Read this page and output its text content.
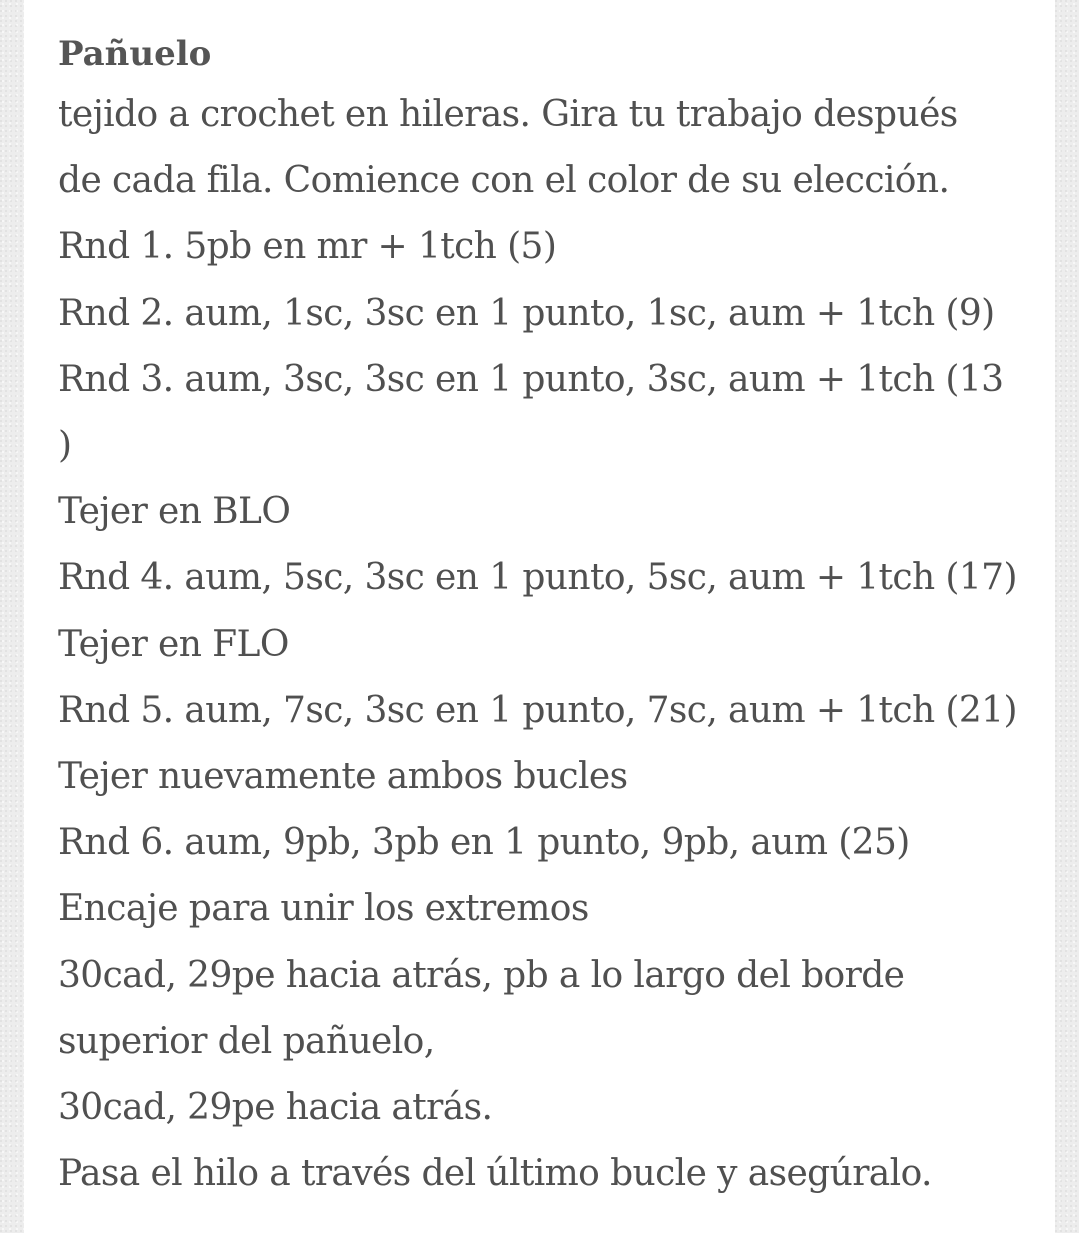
Pañuelo
tejido a crochet en hileras. Gira tu trabajo después
de cada fila. Comience con el color de su elección.
Rnd 1. 5pb en mr + 1tch (5)
Rnd 2. aum, 1sc, 3sc en 1 punto, 1sc, aum + 1tch (9)
Rnd 3. aum, 3sc, 3sc en 1 punto, 3sc, aum + 1tch (13
)
Tejer en BLO
Rnd 4. aum, 5sc, 3sc en 1 punto, 5sc, aum + 1tch (17)
Tejer en FLO
Rnd 5. aum, 7sc, 3sc en 1 punto, 7sc, aum + 1tch (21)
Tejer nuevamente ambos bucles
Rnd 6. aum, 9pb, 3pb en 1 punto, 9pb, aum (25)
Encaje para unir los extremos
30cad, 29pe hacia atrás, pb a lo largo del borde
superior del pañuelo,
30cad, 29pe hacia atrás.
Pasa el hilo a través del último bucle y asegúralo.
